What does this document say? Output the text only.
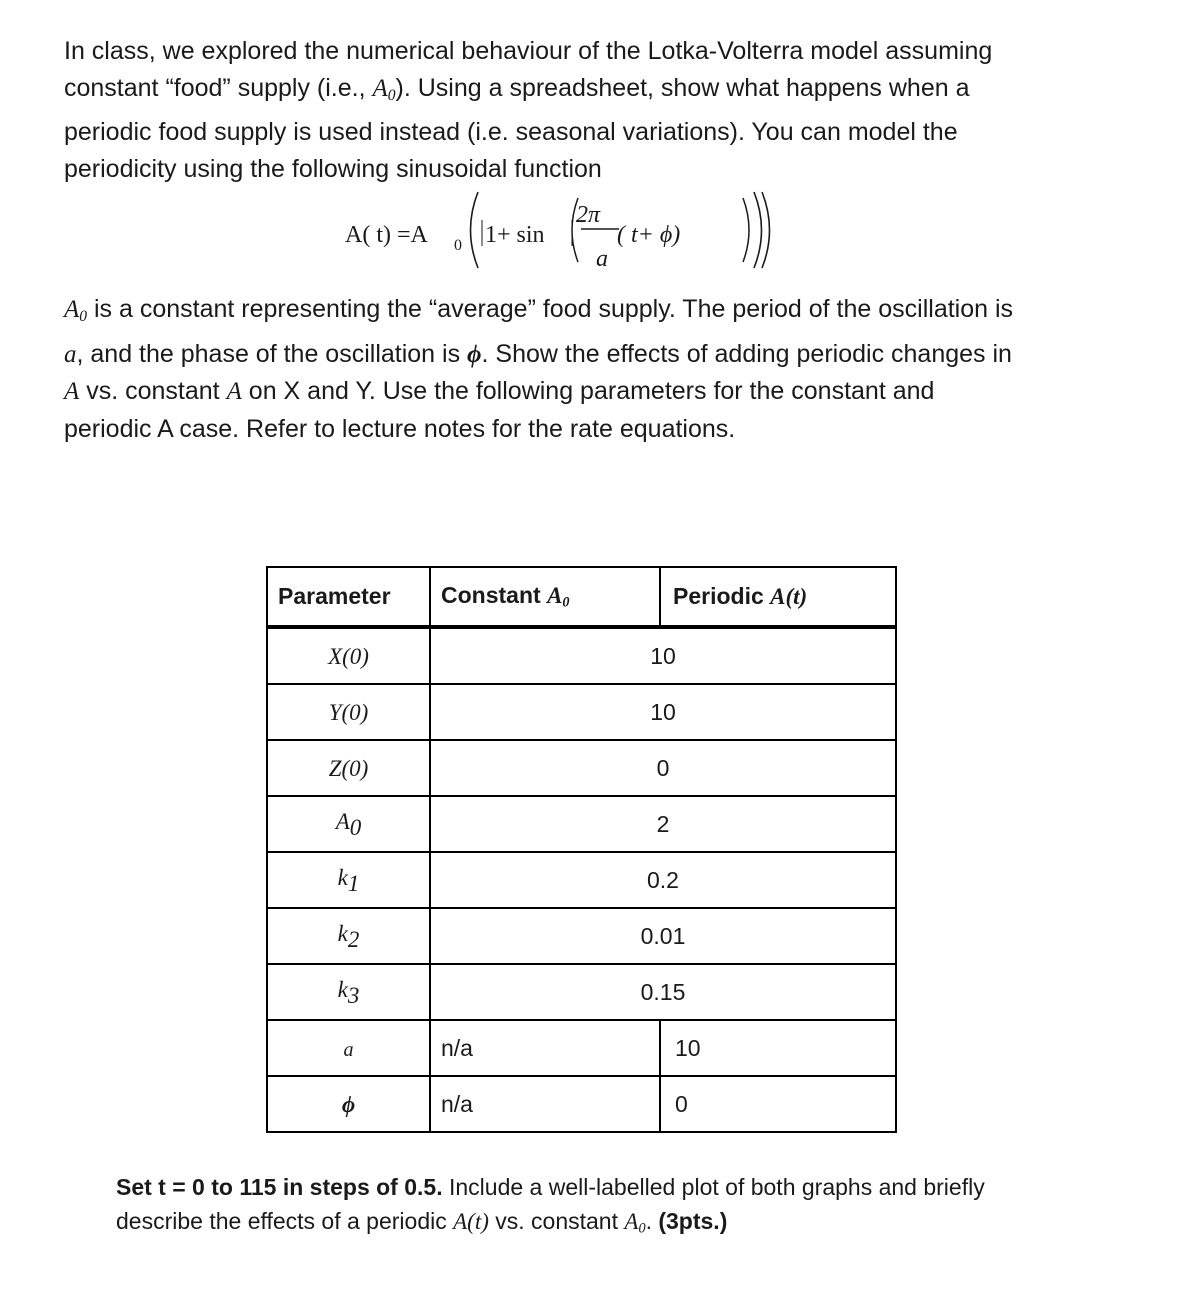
In class, we explored the numerical behaviour of the Lotka-Volterra model assuming
constant “food” supply (i.e., $A_0$). Using a spreadsheet, show what happens when a
periodic food supply is used instead (i.e. seasonal variations). You can model the
periodicity using the following sinusoidal function
A( t) =A 0 1+ sin
2π
a
( t+ ϕ)
$A_0$ is a constant representing the “average” food supply. The period of the oscillation is
a, and the phase of the oscillation is ϕ. Show the effects of adding periodic changes in
A vs. constant A on X and Y. Use the following parameters for the constant and
periodic A case. Refer to lecture notes for the rate equations.
Parameter	Constant $A_0$	Periodic A(t)
X(0)	10	
Y(0)	10	
Z(0)	0	
A0	2	
k1	0.2	
k2	0.01	
k3	0.15	
a	n/a	10
ϕ	n/a	0
Set t = 0 to 115 in steps of 0.5. Include a well-labelled plot of both graphs and briefly
describe the effects of a periodic A(t) vs. constant $A_0$. (3pts.)
